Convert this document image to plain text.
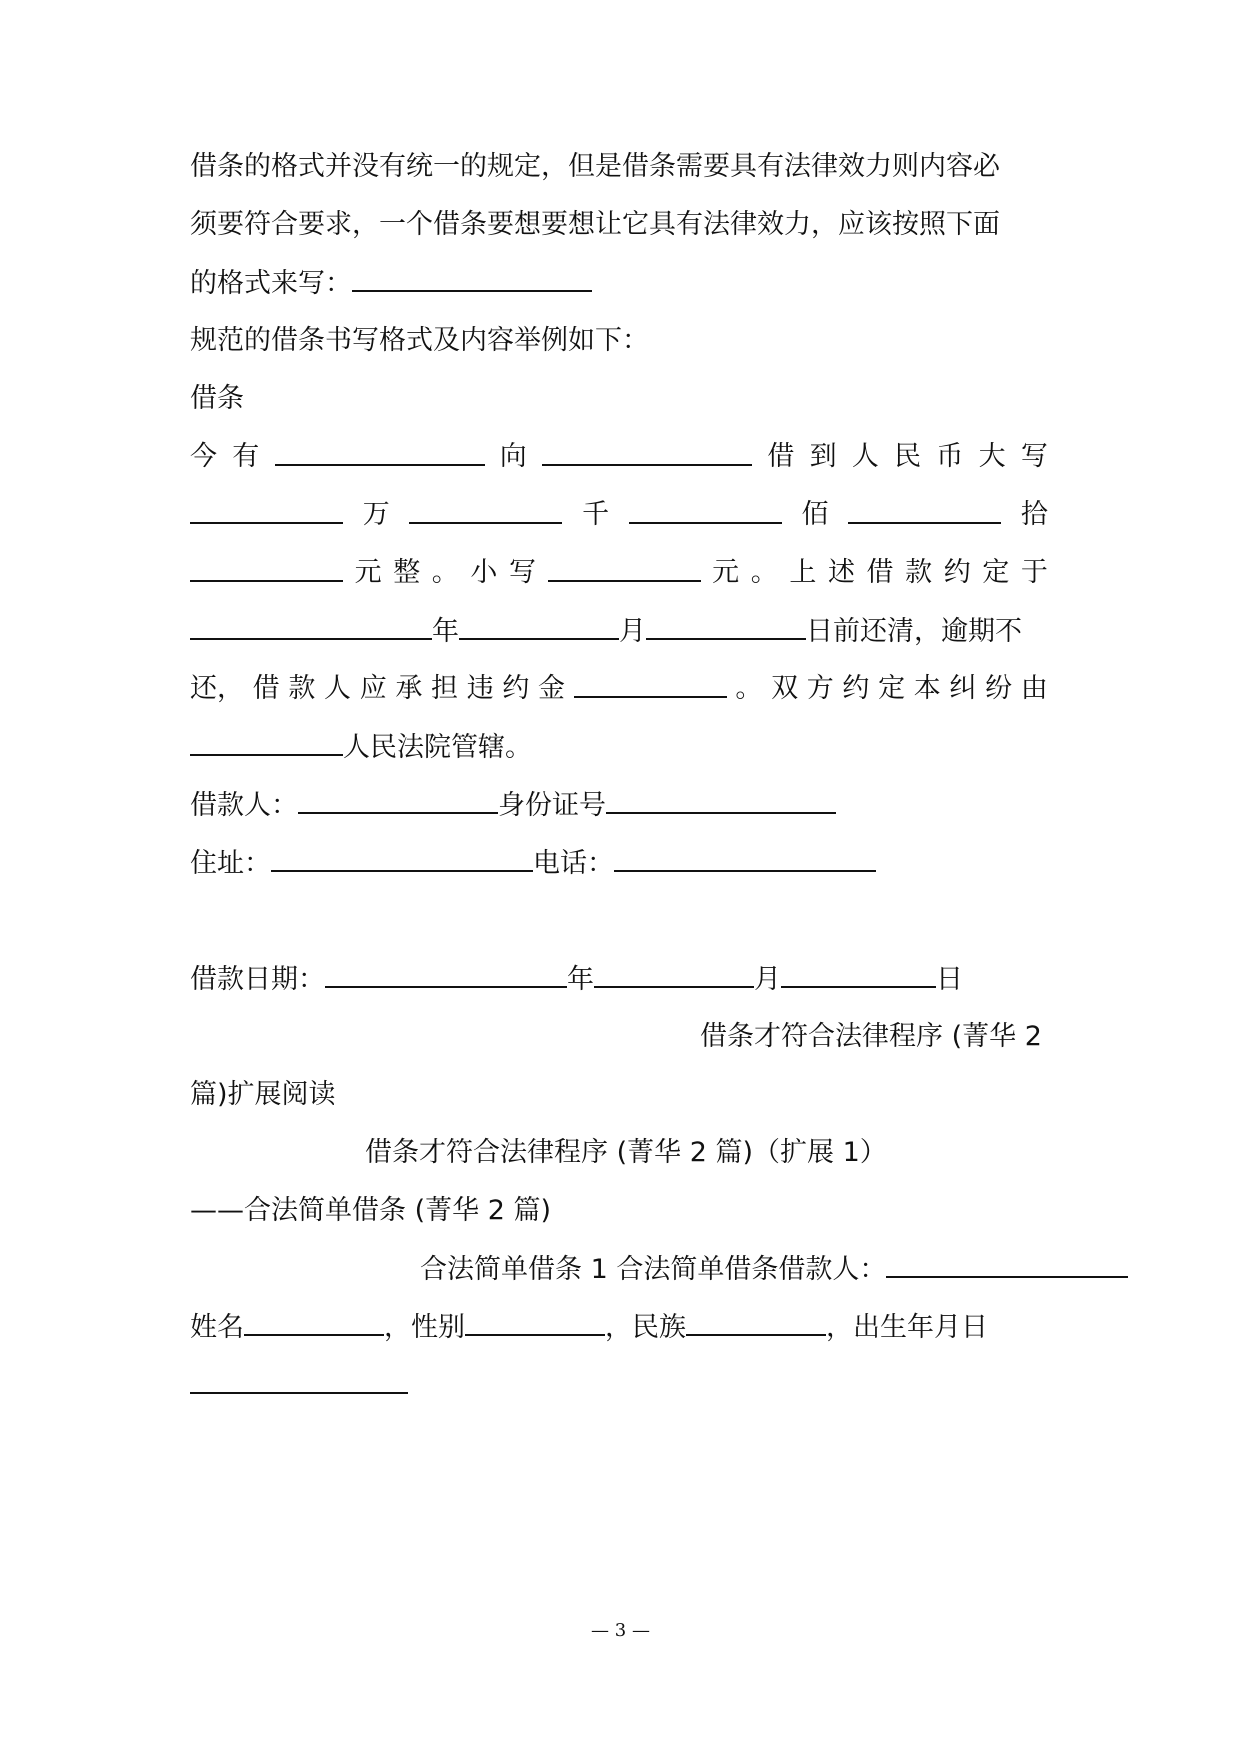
借条的格式并没有统一的规定，但是借条需要具有法律效力则内容必
须要符合要求，一个借条要想要想让它具有法律效力，应该按照下面
的格式来写：
规范的借条书写格式及内容举例如下：
借条
今 有	向	借 到 人 民 币 大 写
万	千	佰	拾
元 整 。 小 写	元 。 上 述 借 款 约 定 于
年	月	日前还清，逾期不
还， 借 款 人 应 承 担 违 约 金	。 双 方 约 定 本 纠 纷 由
人民法院管辖。
借款人：	身份证号
住址：	电话：
借款日期：	年	月	日
借条才符合法律程序 (菁华 2
篇)扩展阅读
借条才符合法律程序 (菁华 2 篇)（扩展 1）
——合法简单借条 (菁华 2 篇)
合法简单借条 1 合法简单借条借款人：
姓名	，性别	，民族	，出生年月日
— 3 —
